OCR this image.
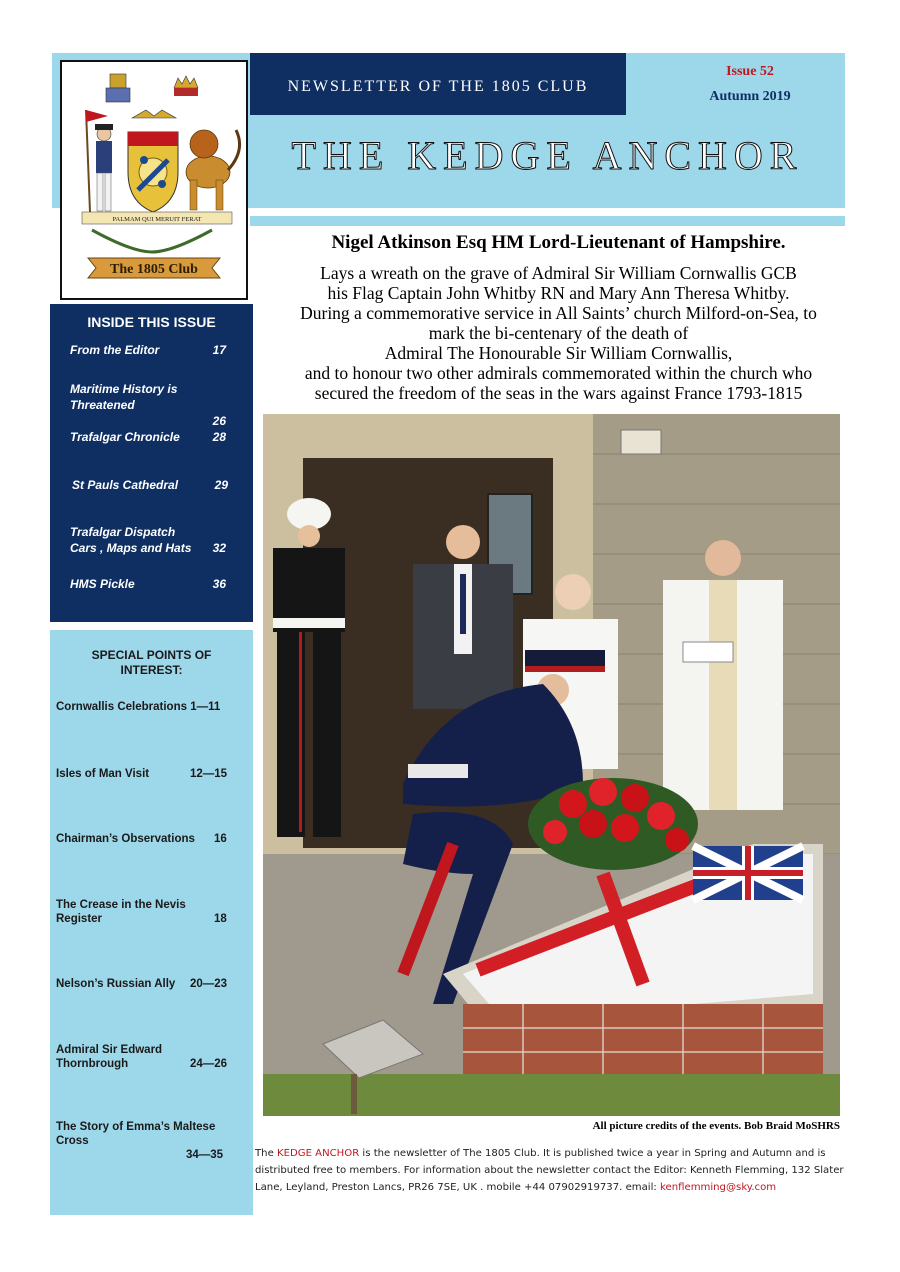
NEWSLETTER OF THE 1805 CLUB
Issue 52
Autumn 2019
THE KEDGE ANCHOR
PALMAM QUI MERUIT FERAT
The 1805 Club
INSIDE THIS ISSUE
From the Editor	17
Maritime History is Threatened
26
Trafalgar Chronicle	28
St Pauls Cathedral	29
Trafalgar Dispatch
Cars , Maps and Hats	32
HMS Pickle	36
SPECIAL POINTS OF
INTEREST:
Cornwallis Celebrations 1—11
Isles of Man Visit	12—15
Chairman’s Observations 16
The Crease in the Nevis
Register	18
Nelson’s Russian Ally 20—23
Admiral Sir Edward
Thornbrough	24—26
The Story of Emma’s Maltese
Cross
34—35
Nigel Atkinson Esq HM Lord-Lieutenant of Hampshire.
Lays a wreath on the grave of Admiral Sir William Cornwallis GCB
his Flag Captain John Whitby RN and Mary Ann Theresa Whitby.
During a commemorative service in All Saints’ church Milford-on-Sea, to
mark the bi-centenary of the death of
Admiral The Honourable Sir William Cornwallis,
and to honour two other admirals commemorated within the church who
secured the freedom of the seas in the wars against France 1793-1815
All picture credits of the events. Bob Braid MoSHRS
The KEDGE ANCHOR is the newsletter of The 1805 Club. It is published twice a year in Spring and Autumn and is distributed free to members. For information about the newsletter contact the Editor: Kenneth Flemming, 132 Slater Lane, Leyland, Preston Lancs, PR26 7SE, UK . mobile +44 07902919737. email: kenflemming@sky.com
